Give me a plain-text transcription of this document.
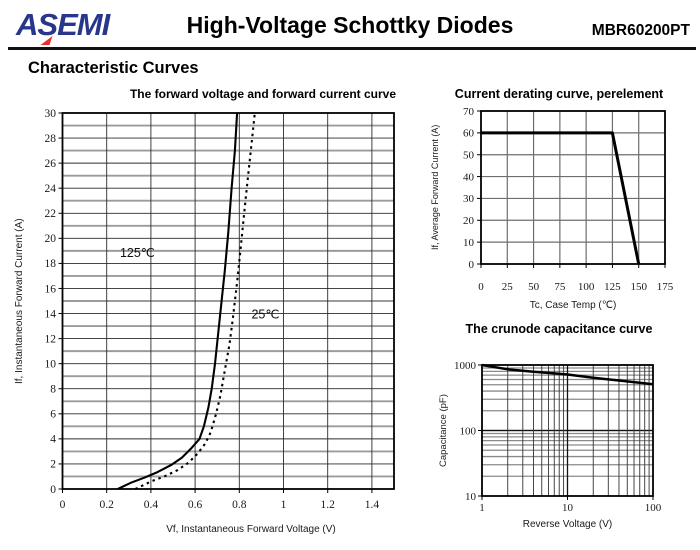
ASEMI	High-Voltage Schottky Diodes	MBR60200PT
Characteristic Curves
The forward voltage and forward current curve	Current derating curve, perelement
The crunode capacitance curve
If, Instantaneous Forward Current (A)
Vf, Instantaneous Forward Voltage (V)
If, Average Forward Current (A)
Tc, Case Temp (℃)
Capacitance (pF)
Reverse Voltage (V)
0
2
4
6
8
10
12
14
16
18
20
22
24
26
28
30
0	0.2	0.4	0.6	0.8	1	1.2	1.4
125℃
25℃
0
10
20
30
40
50
60
70
0 25 50 75 100 125 150 175
10
100
1000
1	10	100
